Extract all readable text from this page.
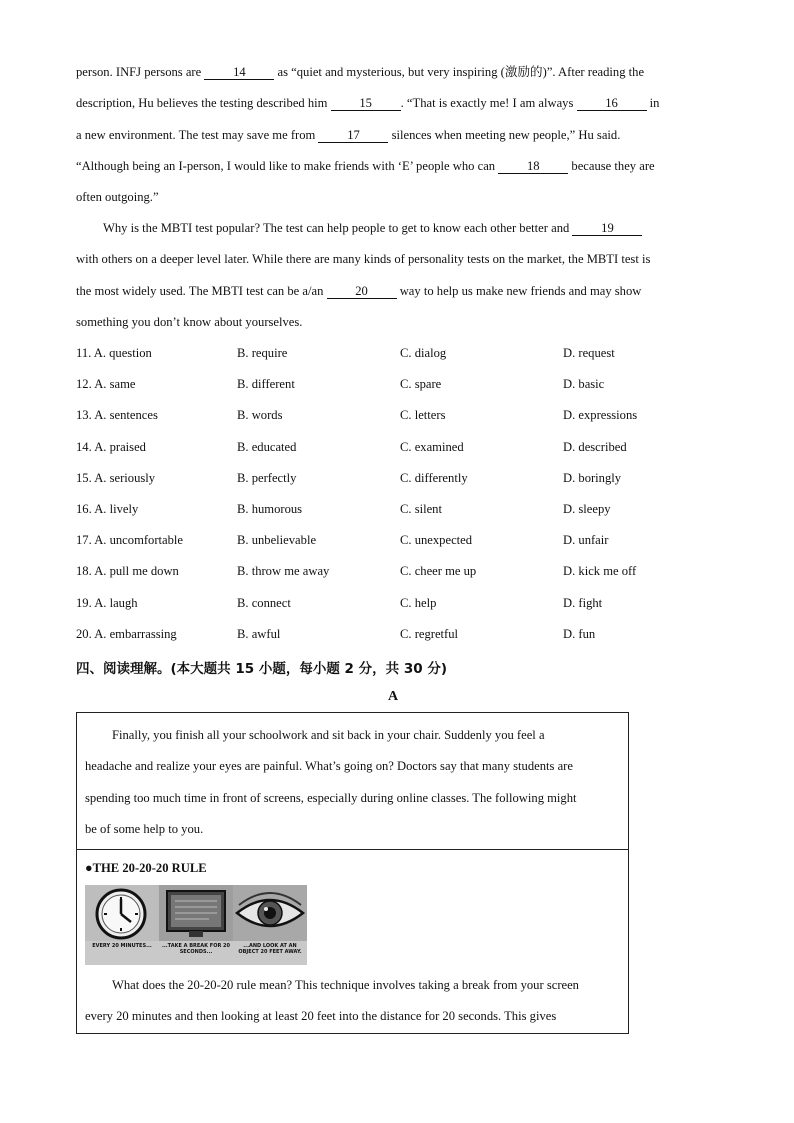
person. INFJ persons are 14 as “quiet and mysterious, but very inspiring (激励的)”. After reading the
description, Hu believes the testing described him 15 . “That is exactly me! I am always 16 in
a new environment. The test may save me from 17 silences when meeting new people,” Hu said.
“Although being an I-person, I would like to make friends with ‘E’ people who can 18 because they are
often outgoing.”
Why is the MBTI test popular? The test can help people to get to know each other better and 19
with others on a deeper level later. While there are many kinds of personality tests on the market, the MBTI test is
the most widely used. The MBTI test can be a/an 20 way to help us make new friends and may show
something you don’t know about yourselves.
11. A. question	B. require	C. dialog	D. request
12. A. same	B. different	C. spare	D. basic
13. A. sentences	B. words	C. letters	D. expressions
14. A. praised	B. educated	C. examined	D. described
15. A. seriously	B. perfectly	C. differently	D. boringly
16. A. lively	B. humorous	C. silent	D. sleepy
17. A. uncomfortable	B. unbelievable	C. unexpected	D. unfair
18. A. pull me down	B. throw me away	C. cheer me up	D. kick me off
19. A. laugh	B. connect	C. help	D. fight
20. A. embarrassing	B. awful	C. regretful	D. fun
四、阅读理解。(本大题共 15 小题，每小题 2 分，共 30 分)
A
Finally, you finish all your schoolwork and sit back in your chair. Suddenly you feel a
headache and realize your eyes are painful. What’s going on? Doctors say that many students are
spending too much time in front of screens, especially during online classes. The following might
be of some help to you.
●THE 20-20-20 RULE
EVERY 20 MINUTES...	...TAKE A BREAK FOR 20 SECONDS...
...AND LOOK AT AN OBJECT 20 FEET AWAY.
What does the 20-20-20 rule mean? This technique involves taking a break from your screen
every 20 minutes and then looking at least 20 feet into the distance for 20 seconds. This gives
